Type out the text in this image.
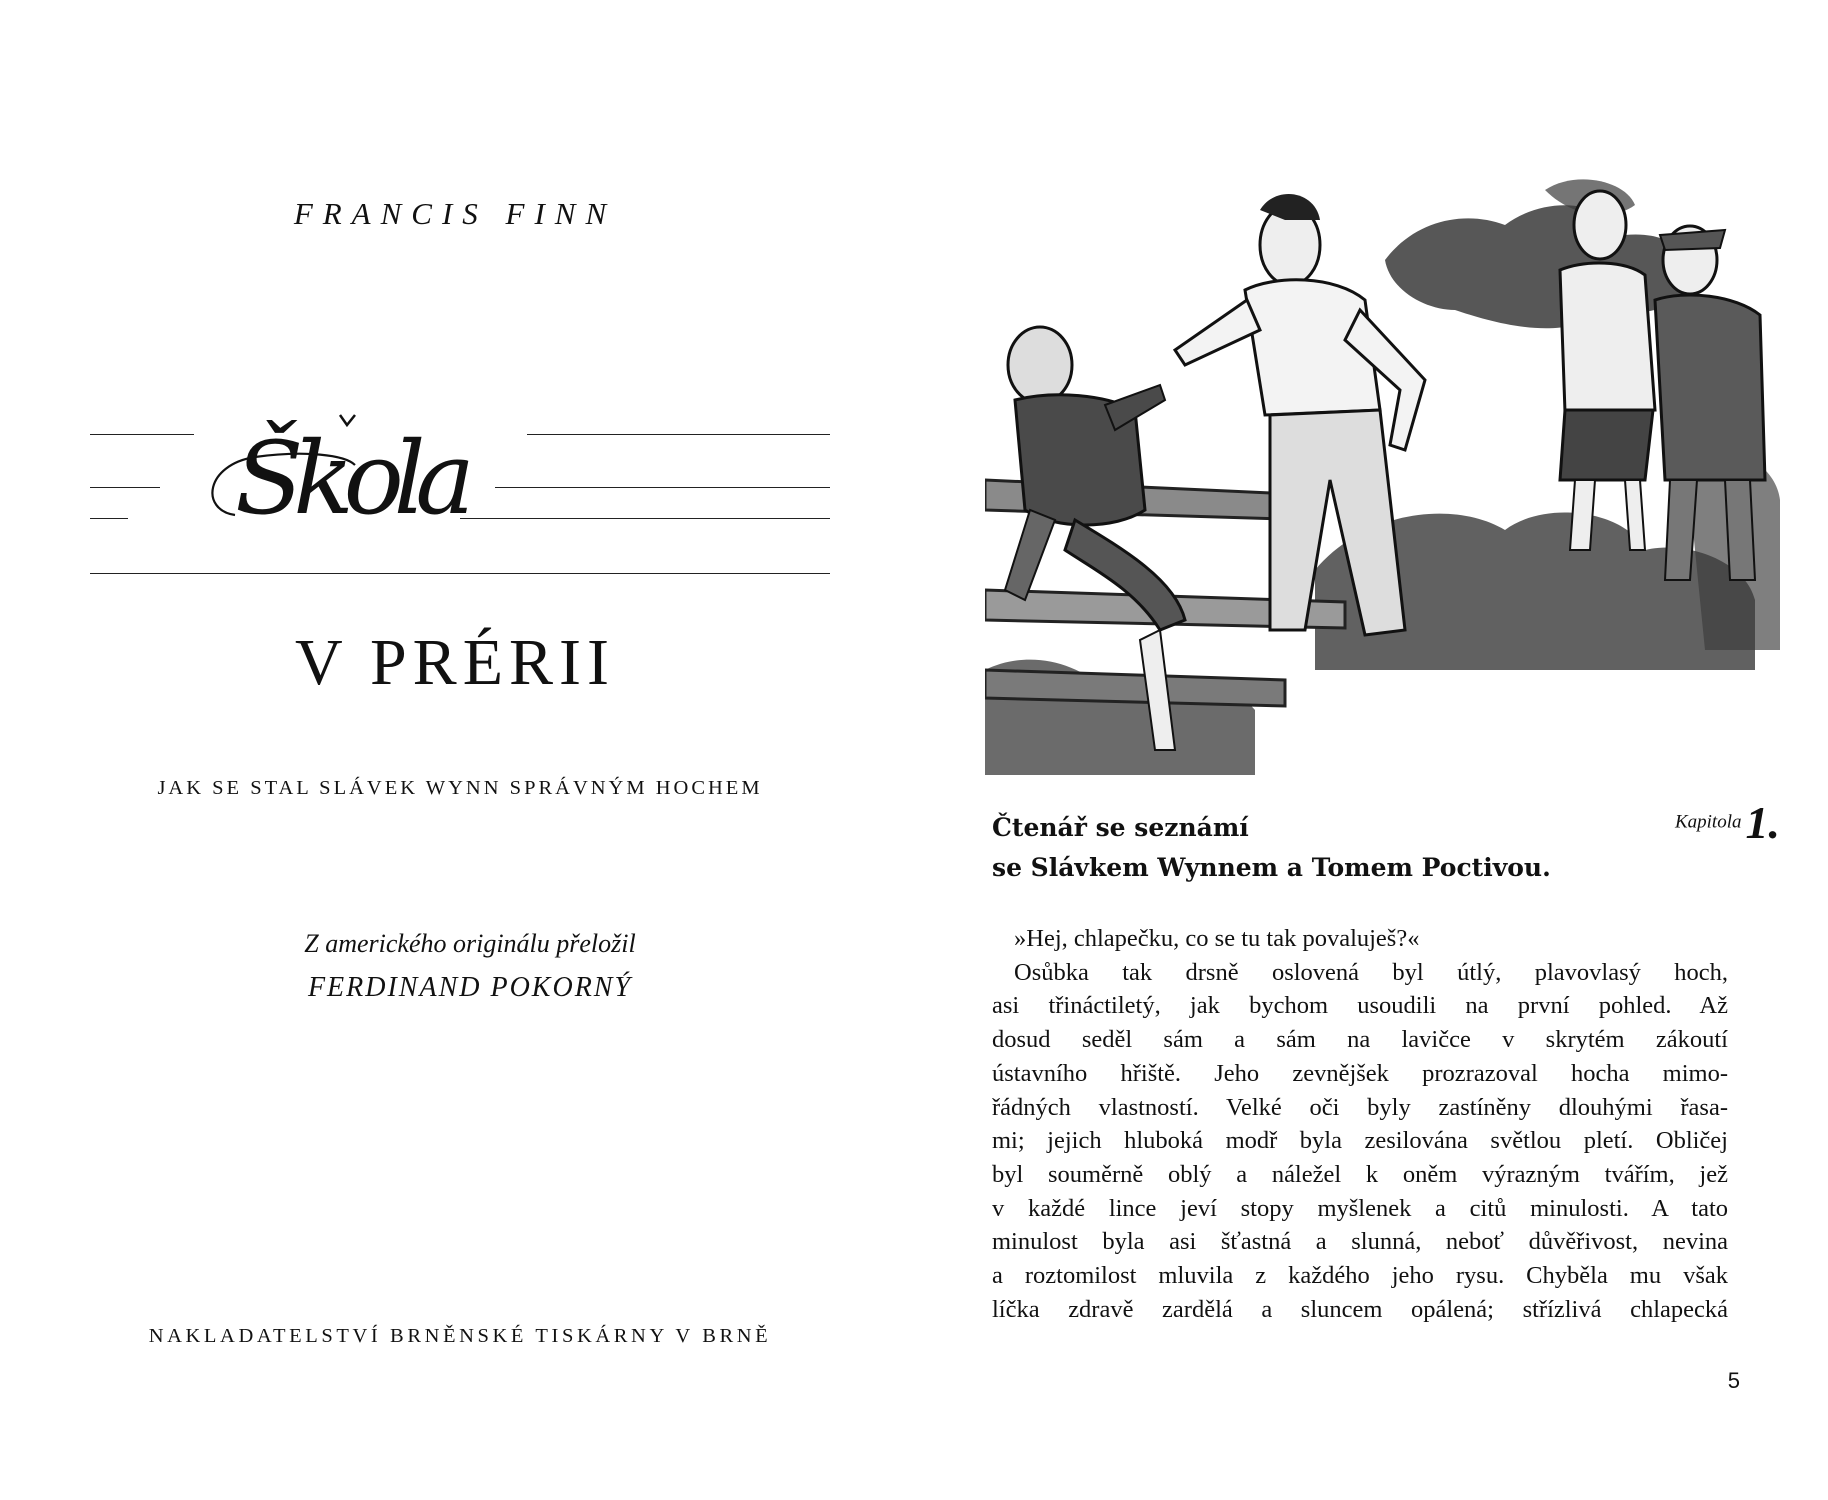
FRANCIS FINN
Škola
V PRÉRII
JAK SE STAL SLÁVEK WYNN SPRÁVNÝM HOCHEM
Z amerického originálu přeložil
FERDINAND POKORNÝ
NAKLADATELSTVÍ BRNĚNSKÉ TISKÁRNY V BRNĚ
Čtenář se seznámí
se Slávkem Wynnem a Tomem Poctivou.
Kapitola 1.
»Hej, chlapečku, co se tu tak povaluješ?«
Osůbka tak drsně oslovená byl útlý, plavovlasý hoch,
asi třináctiletý, jak bychom usoudili na první pohled. Až
dosud seděl sám a sám na lavičce v skrytém zákoutí
ústavního hřiště. Jeho zevnějšek prozrazoval hocha mimo-
řádných vlastností. Velké oči byly zastíněny dlouhými řasa-
mi; jejich hluboká modř byla zesilována světlou pletí. Obličej
byl souměrně oblý a náležel k oněm výrazným tvářím, jež
v každé lince jeví stopy myšlenek a citů minulosti. A tato
minulost byla asi šťastná a slunná, neboť důvěřivost, nevina
a roztomilost mluvila z každého jeho rysu. Chyběla mu však
líčka zdravě zardělá a sluncem opálená; střízlivá chlapecká
5
